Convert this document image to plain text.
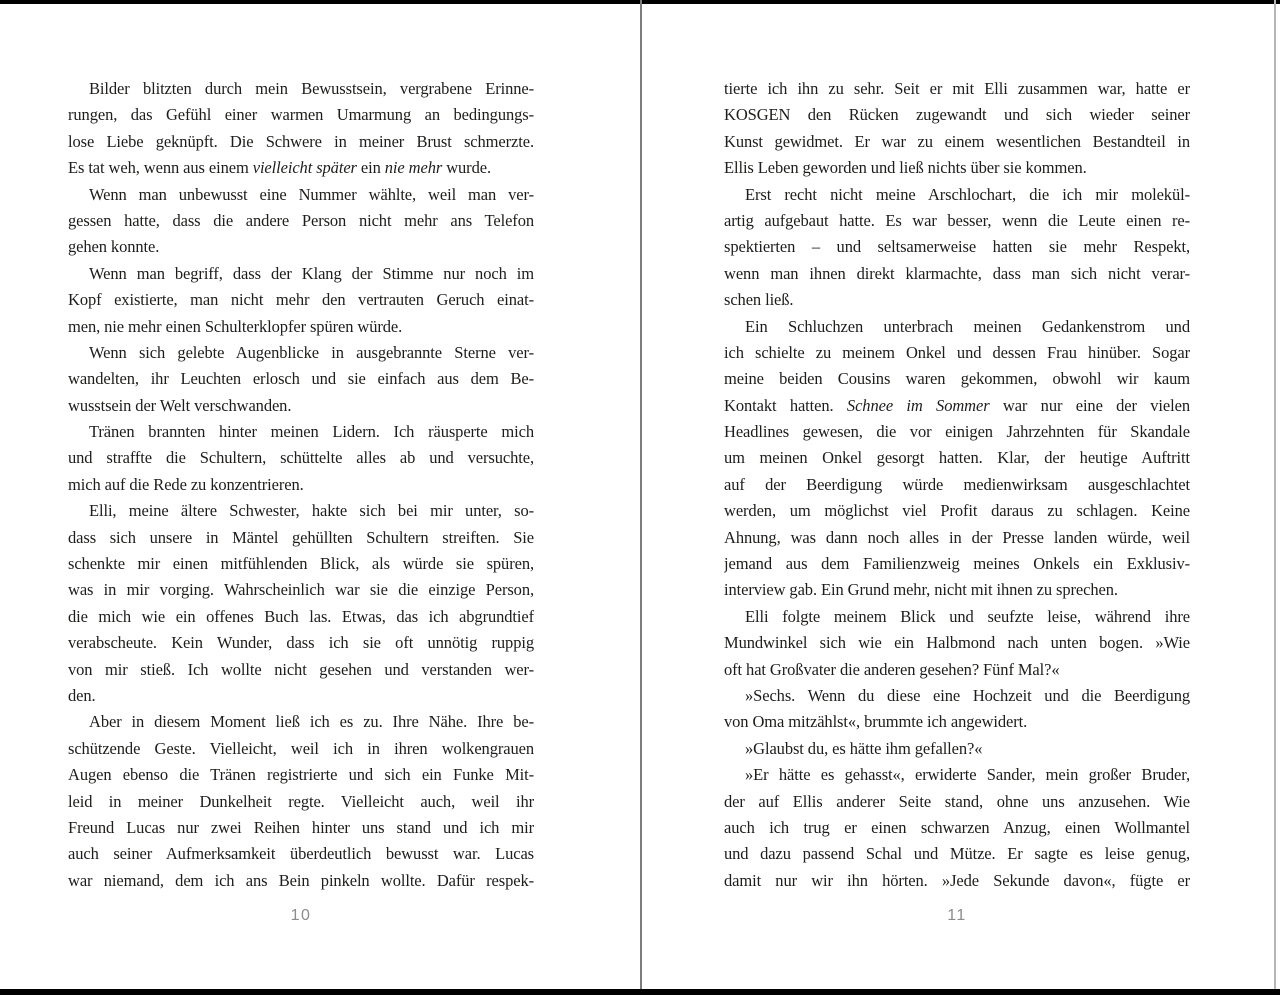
Bilder blitzten durch mein Bewusstsein, vergrabene Erinne-
rungen, das Gefühl einer warmen Umarmung an bedingungs-
lose Liebe geknüpft. Die Schwere in meiner Brust schmerzte.
Es tat weh, wenn aus einem vielleicht später ein nie mehr wurde.
Wenn man unbewusst eine Nummer wählte, weil man ver-
gessen hatte, dass die andere Person nicht mehr ans Telefon
gehen konnte.
Wenn man begriff, dass der Klang der Stimme nur noch im
Kopf existierte, man nicht mehr den vertrauten Geruch einat-
men, nie mehr einen Schulterklopfer spüren würde.
Wenn sich gelebte Augenblicke in ausgebrannte Sterne ver-
wandelten, ihr Leuchten erlosch und sie einfach aus dem Be-
wusstsein der Welt verschwanden.
Tränen brannten hinter meinen Lidern. Ich räusperte mich
und straffte die Schultern, schüttelte alles ab und versuchte,
mich auf die Rede zu konzentrieren.
Elli, meine ältere Schwester, hakte sich bei mir unter, so-
dass sich unsere in Mäntel gehüllten Schultern streiften. Sie
schenkte mir einen mitfühlenden Blick, als würde sie spüren,
was in mir vorging. Wahrscheinlich war sie die einzige Person,
die mich wie ein offenes Buch las. Etwas, das ich abgrundtief
verabscheute. Kein Wunder, dass ich sie oft unnötig ruppig
von mir stieß. Ich wollte nicht gesehen und verstanden wer-
den.
Aber in diesem Moment ließ ich es zu. Ihre Nähe. Ihre be-
schützende Geste. Vielleicht, weil ich in ihren wolkengrauen
Augen ebenso die Tränen registrierte und sich ein Funke Mit-
leid in meiner Dunkelheit regte. Vielleicht auch, weil ihr
Freund Lucas nur zwei Reihen hinter uns stand und ich mir
auch seiner Aufmerksamkeit überdeutlich bewusst war. Lucas
war niemand, dem ich ans Bein pinkeln wollte. Dafür respek-
10
tierte ich ihn zu sehr. Seit er mit Elli zusammen war, hatte er
KOSGEN den Rücken zugewandt und sich wieder seiner
Kunst gewidmet. Er war zu einem wesentlichen Bestandteil in
Ellis Leben geworden und ließ nichts über sie kommen.
Erst recht nicht meine Arschlochart, die ich mir molekül-
artig aufgebaut hatte. Es war besser, wenn die Leute einen re-
spektierten – und seltsamerweise hatten sie mehr Respekt,
wenn man ihnen direkt klarmachte, dass man sich nicht verar-
schen ließ.
Ein Schluchzen unterbrach meinen Gedankenstrom und
ich schielte zu meinem Onkel und dessen Frau hinüber. Sogar
meine beiden Cousins waren gekommen, obwohl wir kaum
Kontakt hatten. Schnee im Sommer war nur eine der vielen
Headlines gewesen, die vor einigen Jahrzehnten für Skandale
um meinen Onkel gesorgt hatten. Klar, der heutige Auftritt
auf der Beerdigung würde medienwirksam ausgeschlachtet
werden, um möglichst viel Profit daraus zu schlagen. Keine
Ahnung, was dann noch alles in der Presse landen würde, weil
jemand aus dem Familienzweig meines Onkels ein Exklusiv-
interview gab. Ein Grund mehr, nicht mit ihnen zu sprechen.
Elli folgte meinem Blick und seufzte leise, während ihre
Mundwinkel sich wie ein Halbmond nach unten bogen. »Wie
oft hat Großvater die anderen gesehen? Fünf Mal?«
»Sechs. Wenn du diese eine Hochzeit und die Beerdigung
von Oma mitzählst«, brummte ich angewidert.
»Glaubst du, es hätte ihm gefallen?«
»Er hätte es gehasst«, erwiderte Sander, mein großer Bruder,
der auf Ellis anderer Seite stand, ohne uns anzusehen. Wie
auch ich trug er einen schwarzen Anzug, einen Wollmantel
und dazu passend Schal und Mütze. Er sagte es leise genug,
damit nur wir ihn hörten. »Jede Sekunde davon«, fügte er
11
